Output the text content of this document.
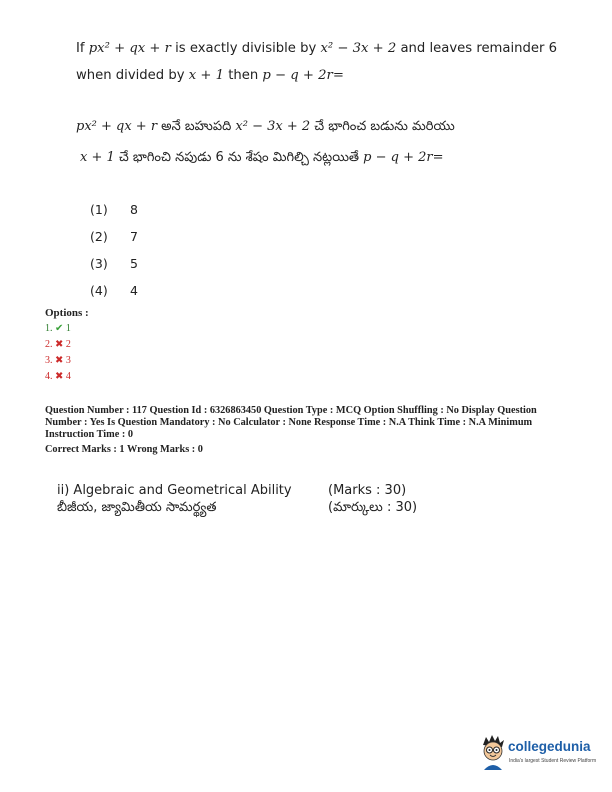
If px² + qx + r is exactly divisible by x² − 3x + 2 and leaves remainder 6
when divided by x + 1 then p − q + 2r=
px² + qx + r అనే బహుపది x² − 3x + 2 చే భాగించ బడును మరియు
x + 1 చే భాగించి నపుడు 6 ను శేషం మిగిల్చి నట్లయితే p − q + 2r=
(1) 8
(2) 7
(3) 5
(4) 4
Options :
1. ✔ 1
2. ✖ 2
3. ✖ 3
4. ✖ 4
Question Number : 117 Question Id : 6326863450 Question Type : MCQ Option Shuffling : No Display Question
Number : Yes Is Question Mandatory : No Calculator : None Response Time : N.A Think Time : N.A Minimum
Instruction Time : 0
Correct Marks : 1 Wrong Marks : 0
ii) Algebraic and Geometrical Ability
బీజీయ, జ్యామితీయ సామర్థ్యత
(Marks : 30)
(మార్కులు : 30)
collegedunia
India's largest Student Review Platform
